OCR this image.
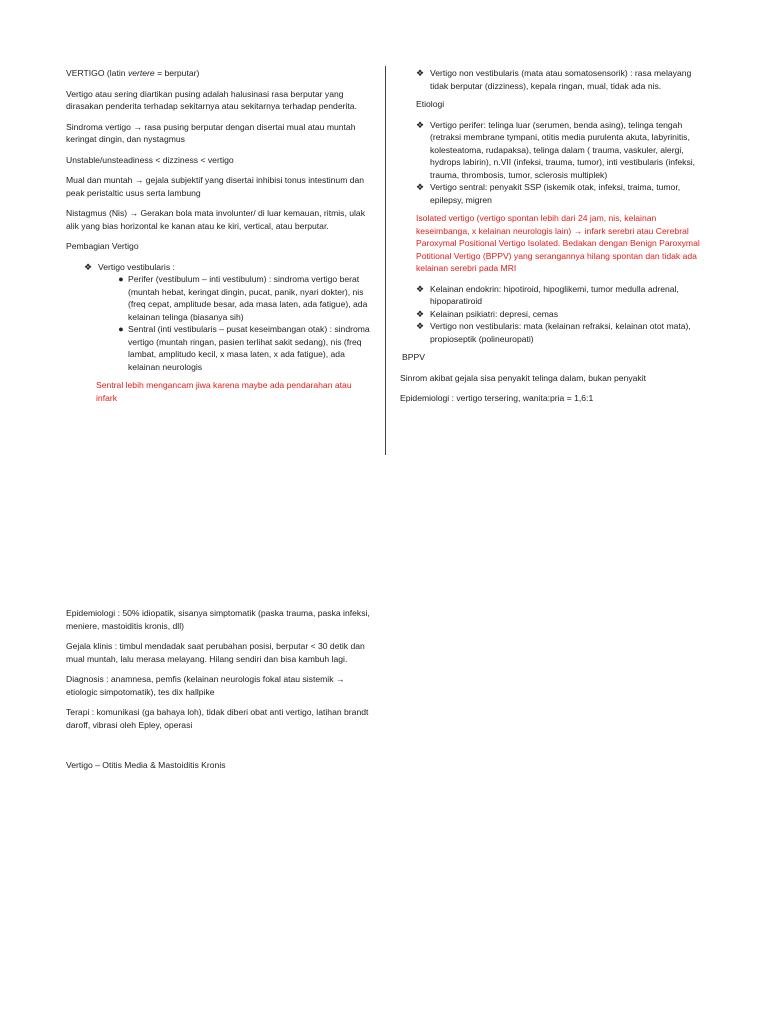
VERTIGO (latin vertere = berputar)

Vertigo atau sering diartikan pusing adalah halusinasi rasa berputar yang dirasakan penderita terhadap sekitarnya atau sekitarnya terhadap penderita.

Sindroma vertigo → rasa pusing berputar dengan disertai mual atau muntah keringat dingin, dan nystagmus

Unstable/unsteadiness < dizziness < vertigo

Mual dan muntah → gejala subjektif yang disertai inhibisi tonus intestinum dan peak peristaltic usus serta lambung

Nistagmus (Nis) → Gerakan bola mata involunter/ di luar kemauan, ritmis, ulak alik yang bias horizontal ke kanan atau ke kiri, vertical, atau berputar.

Pembagian Vertigo

❖ Vertigo vestibularis :
● Perifer (vestibulum – inti vestibulum) : sindroma vertigo berat (muntah hebat, keringat dingin, pucat, panik, nyari dokter), nis (freq cepat, amplitude besar, ada masa laten, ada fatigue), ada kelainan telinga (biasanya sih)
● Sentral (inti vestibularis – pusat keseimbangan otak) : sindroma vertigo (muntah ringan, pasien terlihat sakit sedang), nis (freq lambat, amplitudo kecil, x masa laten, x ada fatigue), ada kelainan neurologis

Sentral lebih mengancam jiwa karena maybe ada pendarahan atau infark

❖ Vertigo non vestibularis (mata atau somatosensorik) : rasa melayang tidak berputar (dizziness), kepala ringan, mual, tidak ada nis.

Etiologi

❖ Vertigo perifer: telinga luar (serumen, benda asing), telinga tengah (retraksi membrane tympani, otitis media purulenta akuta, labyrinitis, kolesteatoma, rudapaksa), telinga dalam ( trauma, vaskuler, alergi, hydrops labirin), n.VII (infeksi, trauma, tumor), inti vestibularis (infeksi, trauma, thrombosis, tumor, sclerosis multiplek)
❖ Vertigo sentral: penyakit SSP (iskemik otak, infeksi, traima, tumor, epilepsy, migren

Isolated vertigo (vertigo spontan lebih dari 24 jam, nis, kelainan keseimbanga, x kelainan neurologis lain) → infark serebri atau Cerebral Paroxymal Positional Vertigo Isolated. Bedakan dengan Benign Paroxymal Potitional Vertigo (BPPV) yang serangannya hilang spontan dan tidak ada kelainan serebri pada MRI

❖ Kelainan endokrin: hipotiroid, hipoglikemi, tumor medulla adrenal, hipoparatiroid
❖ Kelainan psikiatri: depresi, cemas
❖ Vertigo non vestibularis: mata (kelainan refraksi, kelainan otot mata), propioseptik (polineuropati)

BPPV

Sinrom akibat gejala sisa penyakit telinga dalam, bukan penyakit

Epidemiologi : vertigo tersering, wanita:pria = 1,6:1

Epidemiologi : 50% idiopatik, sisanya simptomatik (paska trauma, paska infeksi, meniere, mastoiditis kronis, dll)

Gejala klinis : timbul mendadak saat perubahan posisi, berputar < 30 detik dan mual muntah, lalu merasa melayang. Hilang sendiri dan bisa kambuh lagi.

Diagnosis : anamnesa, pemfis (kelainan neurologis fokal atau sistemik → etiologic simpotomatik), tes dix hallpike

Terapi : komunikasi (ga bahaya loh), tidak diberi obat anti vertigo, latihan brandt daroff, vibrasi oleh Epley, operasi

Vertigo – Otitis Media & Mastoiditis Kronis
